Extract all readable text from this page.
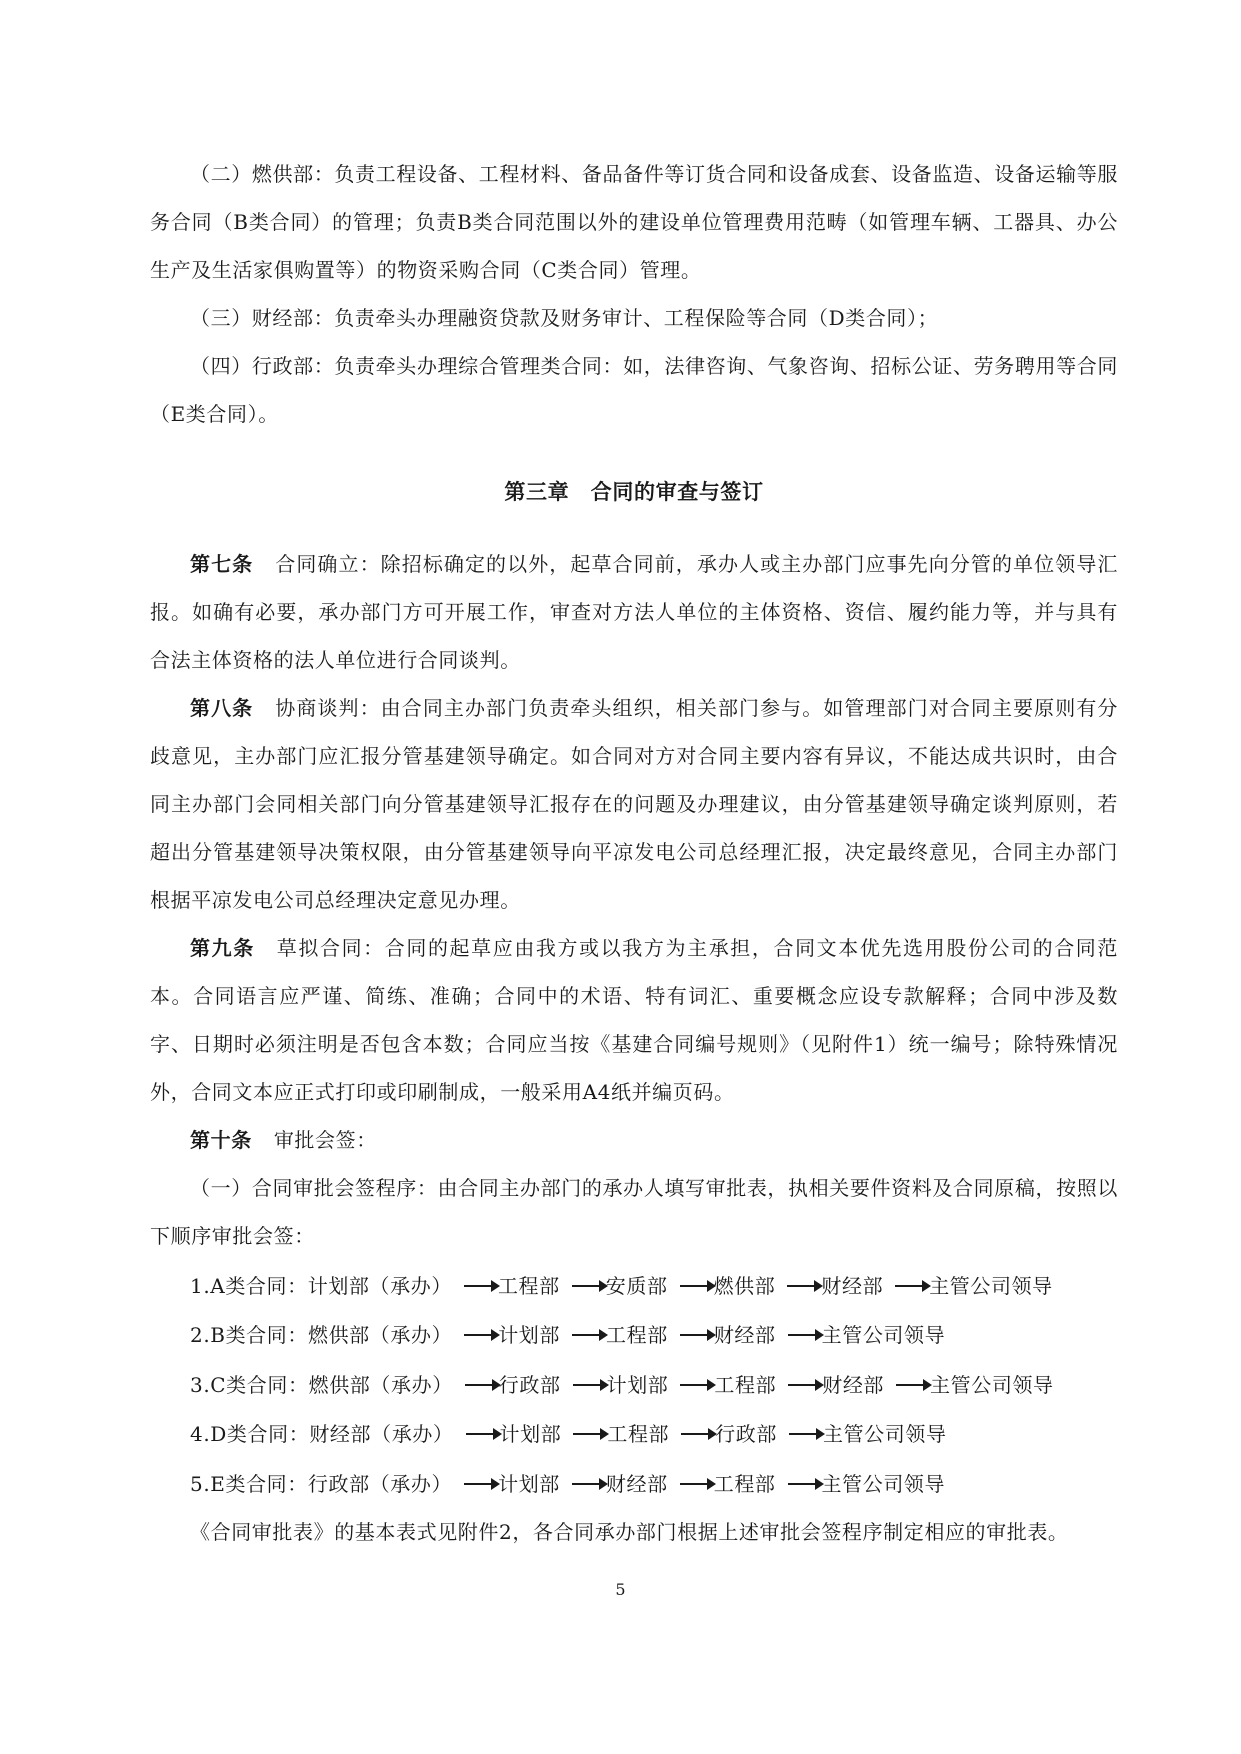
（二）燃供部：负责工程设备、工程材料、备品备件等订货合同和设备成套、设备监造、设备运输等服务合同（B类合同）的管理；负责B类合同范围以外的建设单位管理费用范畴（如管理车辆、工器具、办公生产及生活家俱购置等）的物资采购合同（C类合同）管理。

（三）财经部：负责牵头办理融资贷款及财务审计、工程保险等合同（D类合同）；

（四）行政部：负责牵头办理综合管理类合同：如，法律咨询、气象咨询、招标公证、劳务聘用等合同（E类合同）。

第三章　合同的审查与签订

第七条 合同确立：除招标确定的以外，起草合同前，承办人或主办部门应事先向分管的单位领导汇报。如确有必要，承办部门方可开展工作，审查对方法人单位的主体资格、资信、履约能力等，并与具有合法主体资格的法人单位进行合同谈判。

第八条 协商谈判：由合同主办部门负责牵头组织，相关部门参与。如管理部门对合同主要原则有分歧意见，主办部门应汇报分管基建领导确定。如合同对方对合同主要内容有异议，不能达成共识时，由合同主办部门会同相关部门向分管基建领导汇报存在的问题及办理建议，由分管基建领导确定谈判原则，若超出分管基建领导决策权限，由分管基建领导向平凉发电公司总经理汇报，决定最终意见，合同主办部门根据平凉发电公司总经理决定意见办理。

第九条 草拟合同：合同的起草应由我方或以我方为主承担，合同文本优先选用股份公司的合同范本。合同语言应严谨、简练、准确；合同中的术语、特有词汇、重要概念应设专款解释；合同中涉及数字、日期时必须注明是否包含本数；合同应当按《基建合同编号规则》（见附件1）统一编号；除特殊情况外，合同文本应正式打印或印刷制成，一般采用A4纸并编页码。

第十条 审批会签：

（一）合同审批会签程序：由合同主办部门的承办人填写审批表，执相关要件资料及合同原稿，按照以下顺序审批会签：

1.A类合同：计划部（承办） 工程部 安质部 燃供部 财经部 主管公司领导

2.B类合同：燃供部（承办） 计划部 工程部 财经部 主管公司领导

3.C类合同：燃供部（承办） 行政部 计划部 工程部 财经部 主管公司领导

4.D类合同：财经部（承办） 计划部 工程部 行政部 主管公司领导

5.E类合同：行政部（承办） 计划部 财经部 工程部 主管公司领导

《合同审批表》的基本表式见附件2，各合同承办部门根据上述审批会签程序制定相应的审批表。

5
